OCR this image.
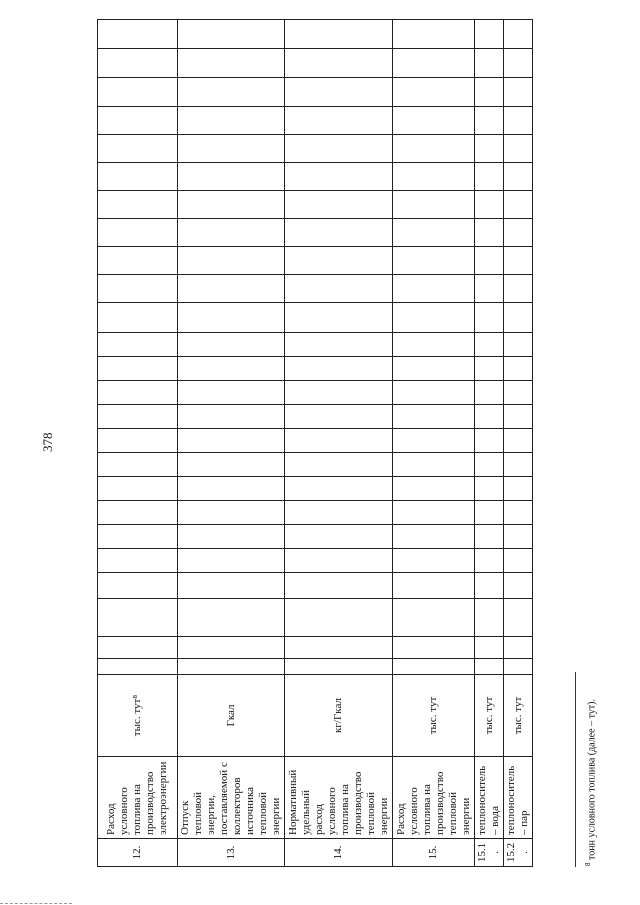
378
12.	Расход условного топлива на производство электроэнергии	тыс. тут⁸																									
13.	Отпуск тепловой энергии, поставляемой с коллекторов источника тепловой энергии	Гкал																									
14.	Нормативный удельный расход условного топлива на производство тепловой энергии	кг/Гкал																									
15.	Расход условного топлива на производство тепловой энергии	тыс. тут																									
15.1.	теплоноситель – вода	тыс. тут																									
15.2.	теплоноситель – пар	тыс. тут																									
$^8$ тонн условного топлива (далее – тут).
